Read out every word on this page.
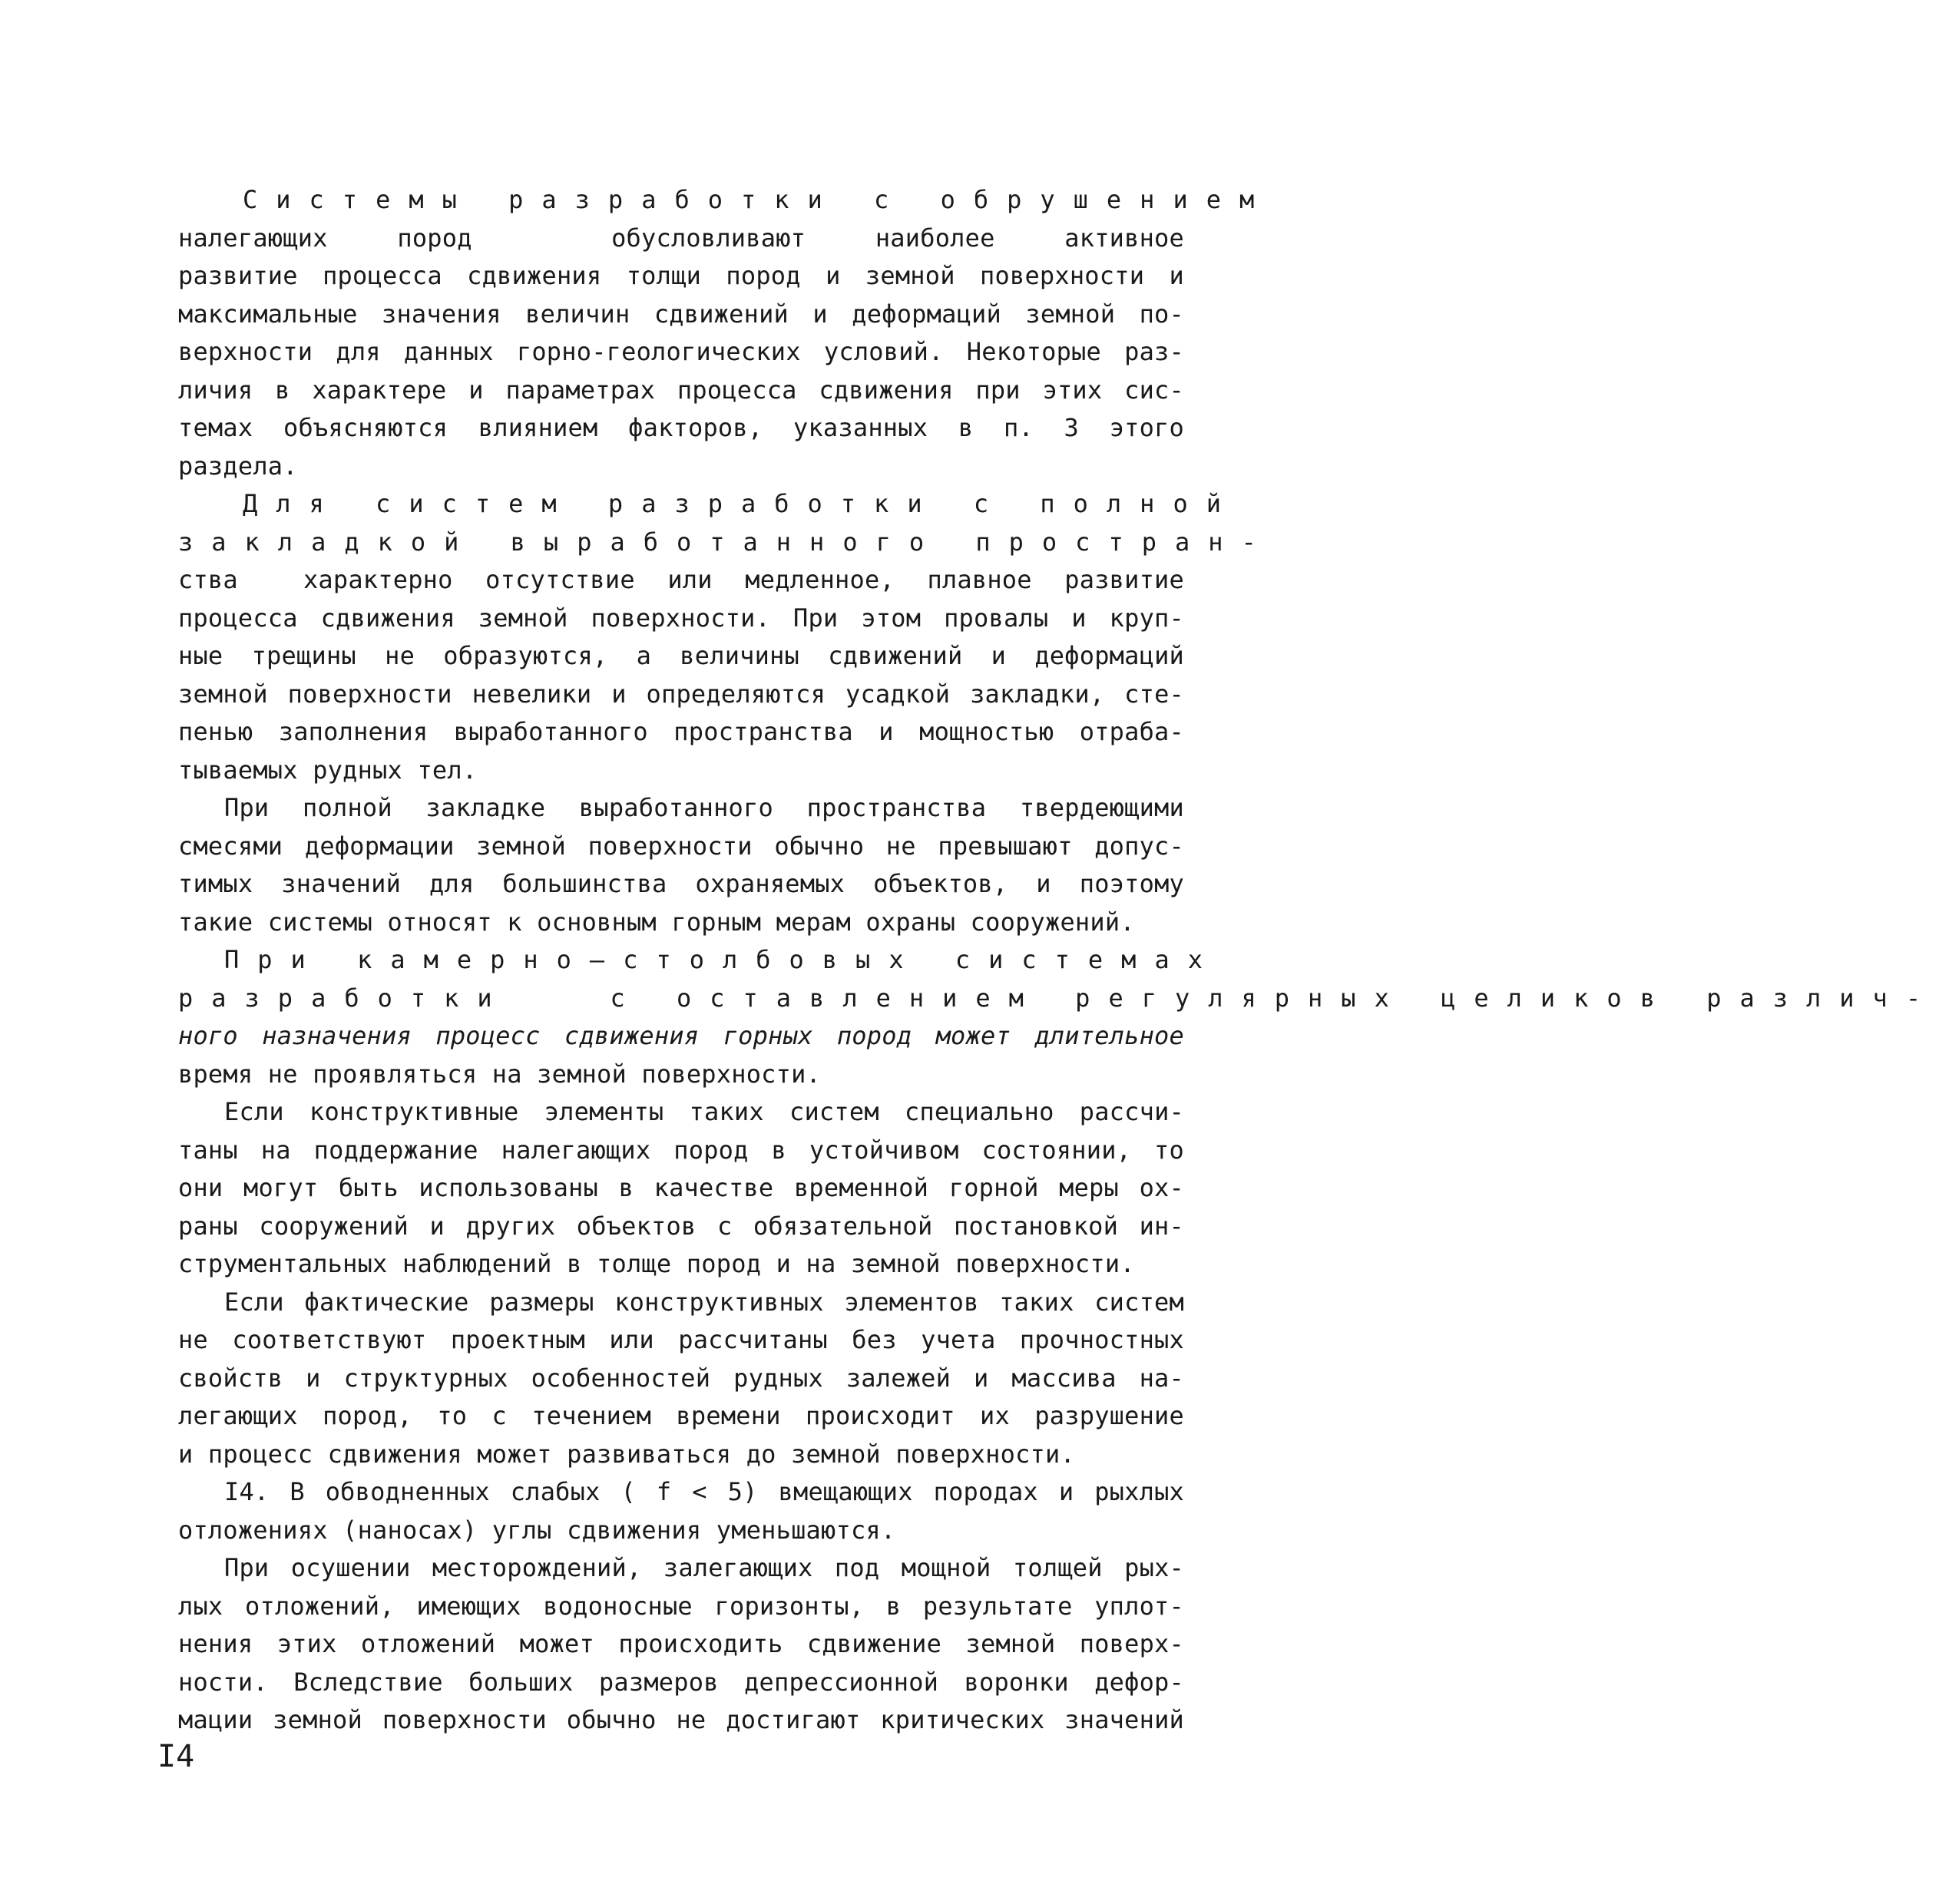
Системы разработки с обрушением
налегающих пород  обусловливают наиболее активное
развитие процесса сдвижения толщи пород и земной поверхности и
максимальные значения величин сдвижений и деформаций земной по-
верхности для данных горно-геологических условий. Некоторые раз-
личия в характере и параметрах процесса сдвижения при этих сис-
темах объясняются влиянием факторов, указанных в п. 3 этого
раздела.
Для систем разработки с полной
закладкой выработанного простран-
ства  характерно отсутствие или медленное, плавное развитие
процесса сдвижения земной поверхности. При этом провалы и круп-
ные трещины не образуются, а величины сдвижений и деформаций
земной поверхности невелики и определяются усадкой закладки, сте-
пенью заполнения выработанного пространства и мощностью отраба-
тываемых рудных тел.
При полной закладке выработанного пространства твердеющими
смесями деформации земной поверхности обычно не превышают допус-
тимых значений для большинства охраняемых объектов, и поэтому
такие системы относят к основным горным мерам охраны сооружений.
При камерно–столбовых системах
разработки   с оставлением регулярных целиков различ-
ного назначения процесс сдвижения горных пород может длительное
время не проявляться на земной поверхности.
Если конструктивные элементы таких систем специально рассчи-
таны на поддержание налегающих пород в устойчивом состоянии, то
они могут быть использованы в качестве временной горной меры ох-
раны сооружений и других объектов с обязательной постановкой ин-
струментальных наблюдений в толще пород и на земной поверхности.
Если фактические размеры конструктивных элементов таких систем
не соответствуют проектным или рассчитаны без учета прочностных
свойств и структурных особенностей рудных залежей и массива на-
легающих пород, то с течением времени происходит их разрушение
и процесс сдвижения может развиваться до земной поверхности.
I4. В обводненных слабых ( f < 5) вмещающих породах и рыхлых
отложениях (наносах) углы сдвижения уменьшаются.
При осушении месторождений, залегающих под мощной толщей рых-
лых отложений, имеющих водоносные горизонты, в результате уплот-
нения этих отложений может происходить сдвижение земной поверх-
ности. Вследствие больших размеров депрессионной воронки дефор-
мации земной поверхности обычно не достигают критических значений
I4
